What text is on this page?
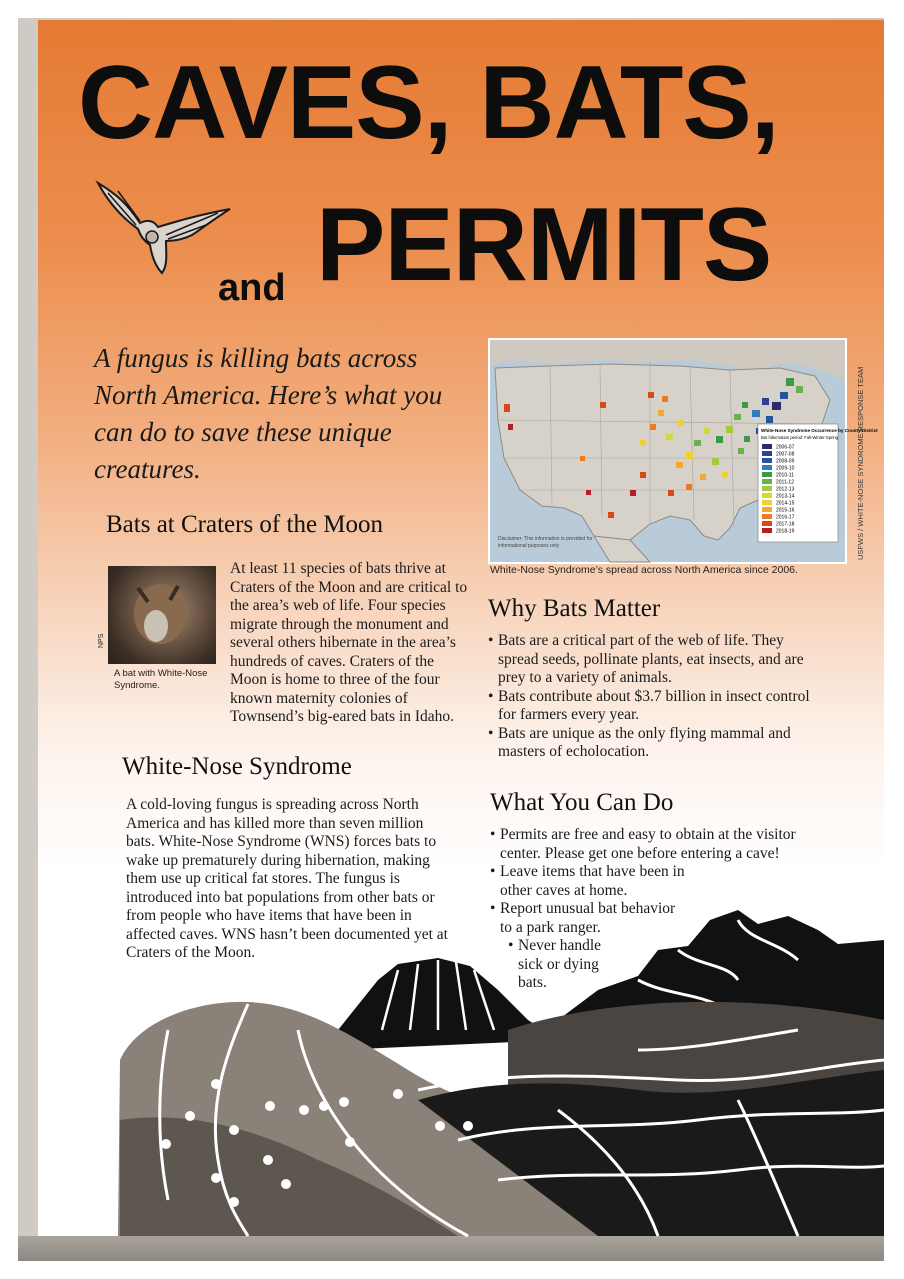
CAVES, BATS,
and PERMITS
A fungus is killing bats across North America. Here’s what you can do to save these unique creatures.
White-Nose Syndrome Occurrence by County/District
Bat hibernation period: Fall-Winter-Spring
2006-07
2007-08
2008-09
2009-10
2010-11
2011-12
2012-13
2013-14
2014-15
2015-16
2016-17
2017-18
2018-19
Disclaimer: This information is provided for
informational purposes only
White-Nose Syndrome’s spread across North America since 2006.
USFWS / WHITE-NOSE SYNDROME RESPONSE TEAM
Bats at Craters of the Moon
NPS
A bat with White-Nose Syndrome.
At least 11 species of bats thrive at Craters of the Moon and are critical to the area’s web of life. Four species migrate through the monument and several others hibernate in the area’s hundreds of caves. Craters of the Moon is home to three of the four known maternity colonies of Townsend’s big-eared bats in Idaho.
Why Bats Matter
• Bats are a critical part of the web of life. They spread seeds, pollinate plants, eat insects, and are prey to a variety of animals.
• Bats contribute about $3.7 billion in insect control for farmers every year.
• Bats are unique as the only flying mammal and masters of echolocation.
White-Nose Syndrome
A cold-loving fungus is spreading across North America and has killed more than seven million bats. White-Nose Syndrome (WNS) forces bats to wake up prematurely during hibernation, making them use up critical fat stores. The fungus is introduced into bat populations from other bats or from people who have items that have been in affected caves. WNS hasn’t been documented yet at Craters of the Moon.
What You Can Do
• Permits are free and easy to obtain at the visitor center. Please get one before entering a cave!
• Leave items that have been in other caves at home.
• Report unusual bat behavior to a park ranger.
• Never handle sick or dying bats.
